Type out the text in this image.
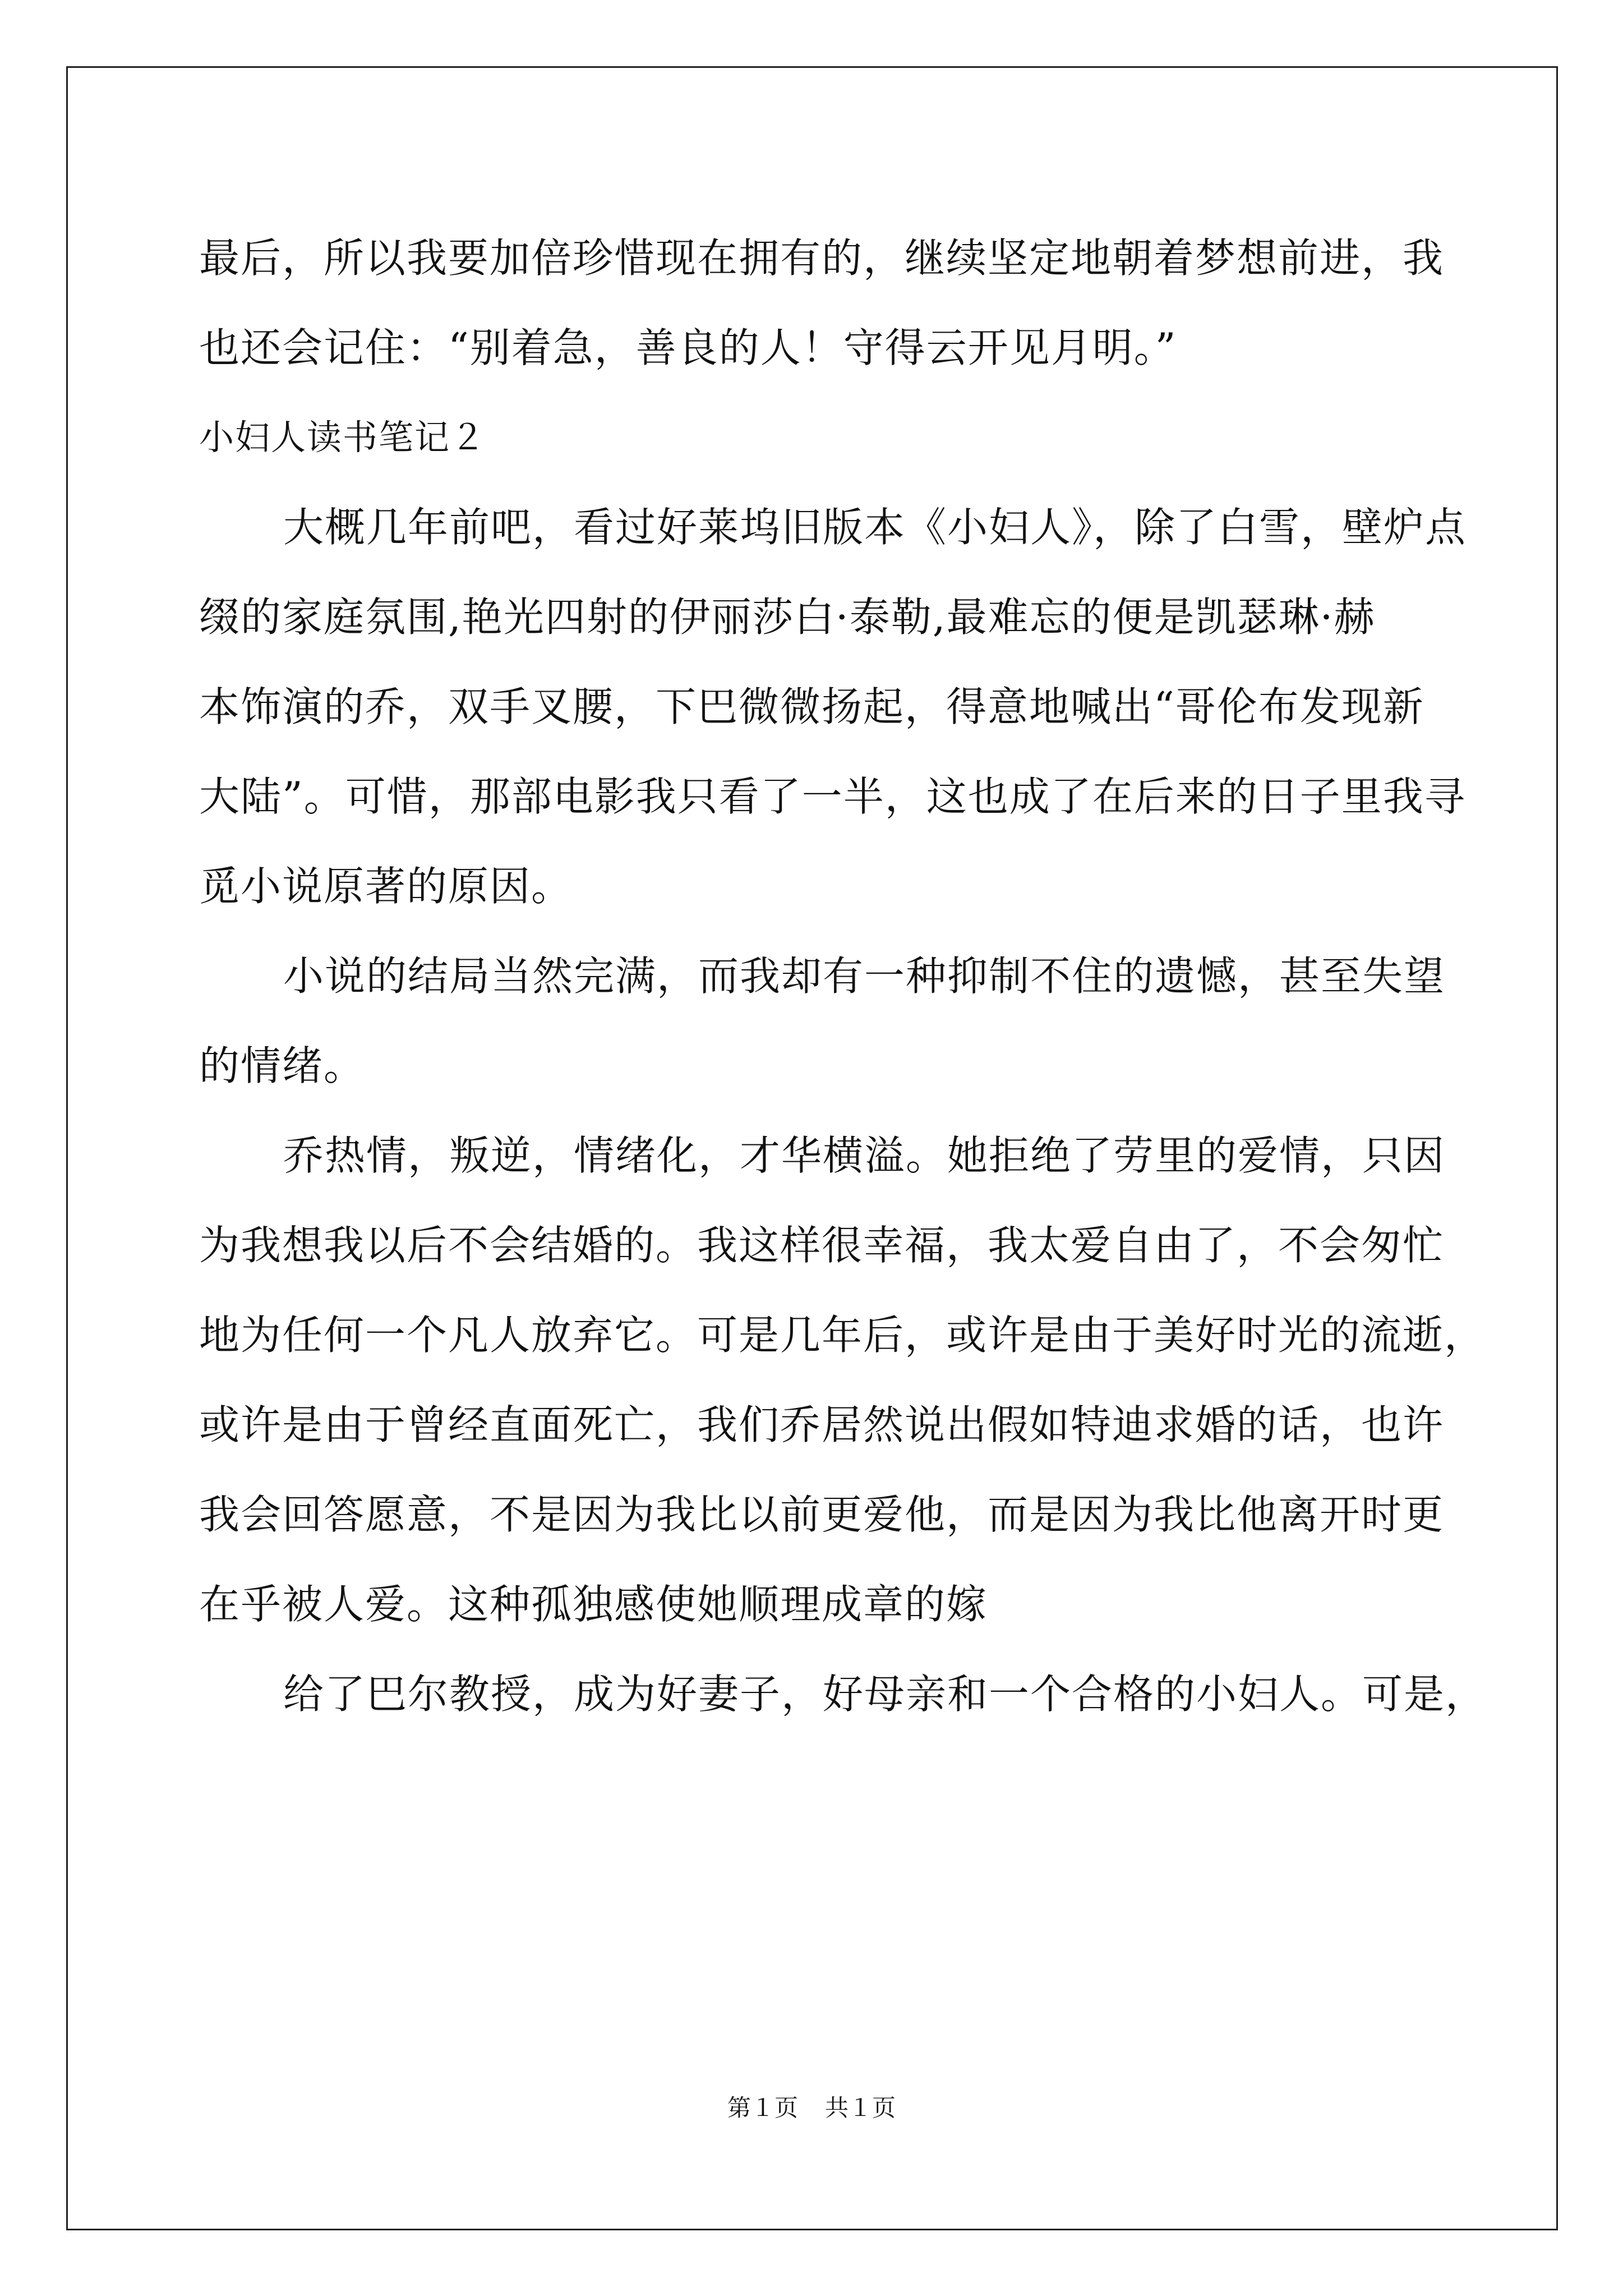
最后，所以我要加倍珍惜现在拥有的，继续坚定地朝着梦想前进，我
也还会记住：“别着急，善良的人！守得云开见月明。”
小妇人读书笔记２
大概几年前吧，看过好莱坞旧版本《小妇人》，除了白雪，壁炉点
缀的家庭氛围,艳光四射的伊丽莎白·泰勒,最难忘的便是凯瑟琳·赫
本饰演的乔，双手叉腰，下巴微微扬起，得意地喊出“哥伦布发现新
大陆”。可惜，那部电影我只看了一半，这也成了在后来的日子里我寻
觅小说原著的原因。
小说的结局当然完满，而我却有一种抑制不住的遗憾，甚至失望
的情绪。
乔热情，叛逆，情绪化，才华横溢。她拒绝了劳里的爱情，只因
为我想我以后不会结婚的。我这样很幸福，我太爱自由了，不会匆忙
地为任何一个凡人放弃它。可是几年后，或许是由于美好时光的流逝，
或许是由于曾经直面死亡，我们乔居然说出假如特迪求婚的话，也许
我会回答愿意，不是因为我比以前更爱他，而是因为我比他离开时更
在乎被人爱。这种孤独感使她顺理成章的嫁
给了巴尔教授，成为好妻子，好母亲和一个合格的小妇人。可是，
第１页 共１页
